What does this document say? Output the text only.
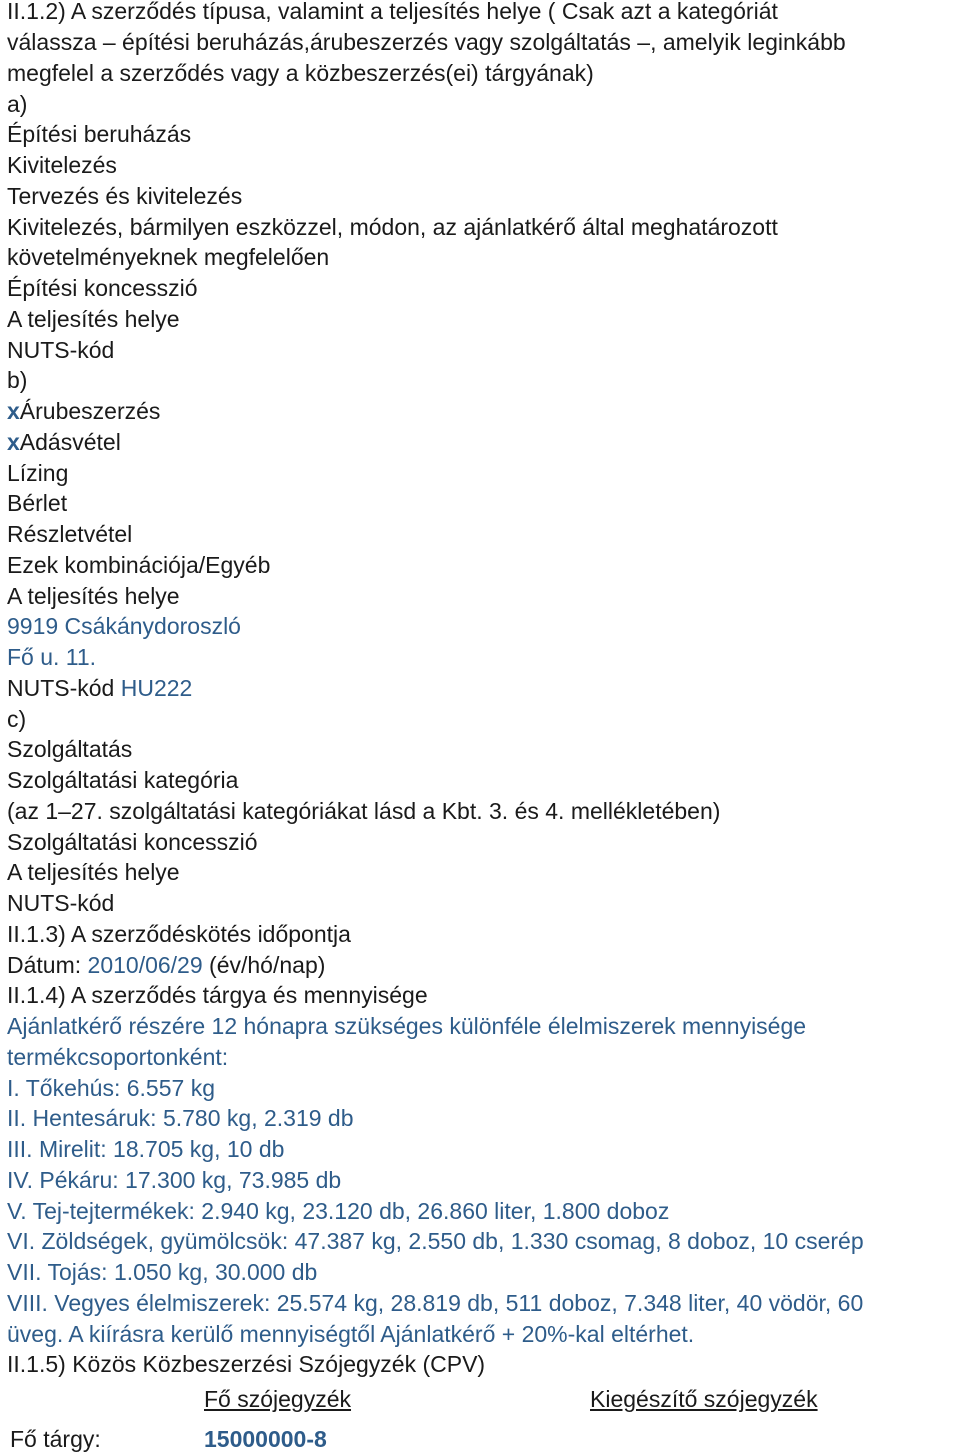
II.1.2) A szerződés típusa, valamint a teljesítés helye ( Csak azt a kategóriát
válassza – építési beruházás,árubeszerzés vagy szolgáltatás –, amelyik leginkább
megfelel a szerződés vagy a közbeszerzés(ei) tárgyának)
a)
Építési beruházás
Kivitelezés
Tervezés és kivitelezés
Kivitelezés, bármilyen eszközzel, módon, az ajánlatkérő által meghatározott
követelményeknek megfelelően
Építési koncesszió
A teljesítés helye
NUTS-kód
b)
xÁrubeszerzés
xAdásvétel
Lízing
Bérlet
Részletvétel
Ezek kombinációja/Egyéb
A teljesítés helye
9919 Csákánydoroszló
Fő u. 11.
NUTS-kód HU222
c)
Szolgáltatás
Szolgáltatási kategória
(az 1–27. szolgáltatási kategóriákat lásd a Kbt. 3. és 4. mellékletében)
Szolgáltatási koncesszió
A teljesítés helye
NUTS-kód
II.1.3) A szerződéskötés időpontja
Dátum: 2010/06/29 (év/hó/nap)
II.1.4) A szerződés tárgya és mennyisége
Ajánlatkérő részére 12 hónapra szükséges különféle élelmiszerek mennyisége
termékcsoportonként:
I. Tőkehús: 6.557 kg
II. Hentesáruk: 5.780 kg, 2.319 db
III. Mirelit: 18.705 kg, 10 db
IV. Pékáru: 17.300 kg, 73.985 db
V. Tej-tejtermékek: 2.940 kg, 23.120 db, 26.860 liter, 1.800 doboz
VI. Zöldségek, gyümölcsök: 47.387 kg, 2.550 db, 1.330 csomag, 8 doboz, 10 cserép
VII. Tojás: 1.050 kg, 30.000 db
VIII. Vegyes élelmiszerek: 25.574 kg, 28.819 db, 511 doboz, 7.348 liter, 40 vödör, 60
üveg. A kiírásra kerülő mennyiségtől Ajánlatkérő + 20%-kal eltérhet.
II.1.5) Közös Közbeszerzési Szójegyzék (CPV)
Fő szójegyzék	Kiegészítő szójegyzék
Fő tárgy:	15000000-8
